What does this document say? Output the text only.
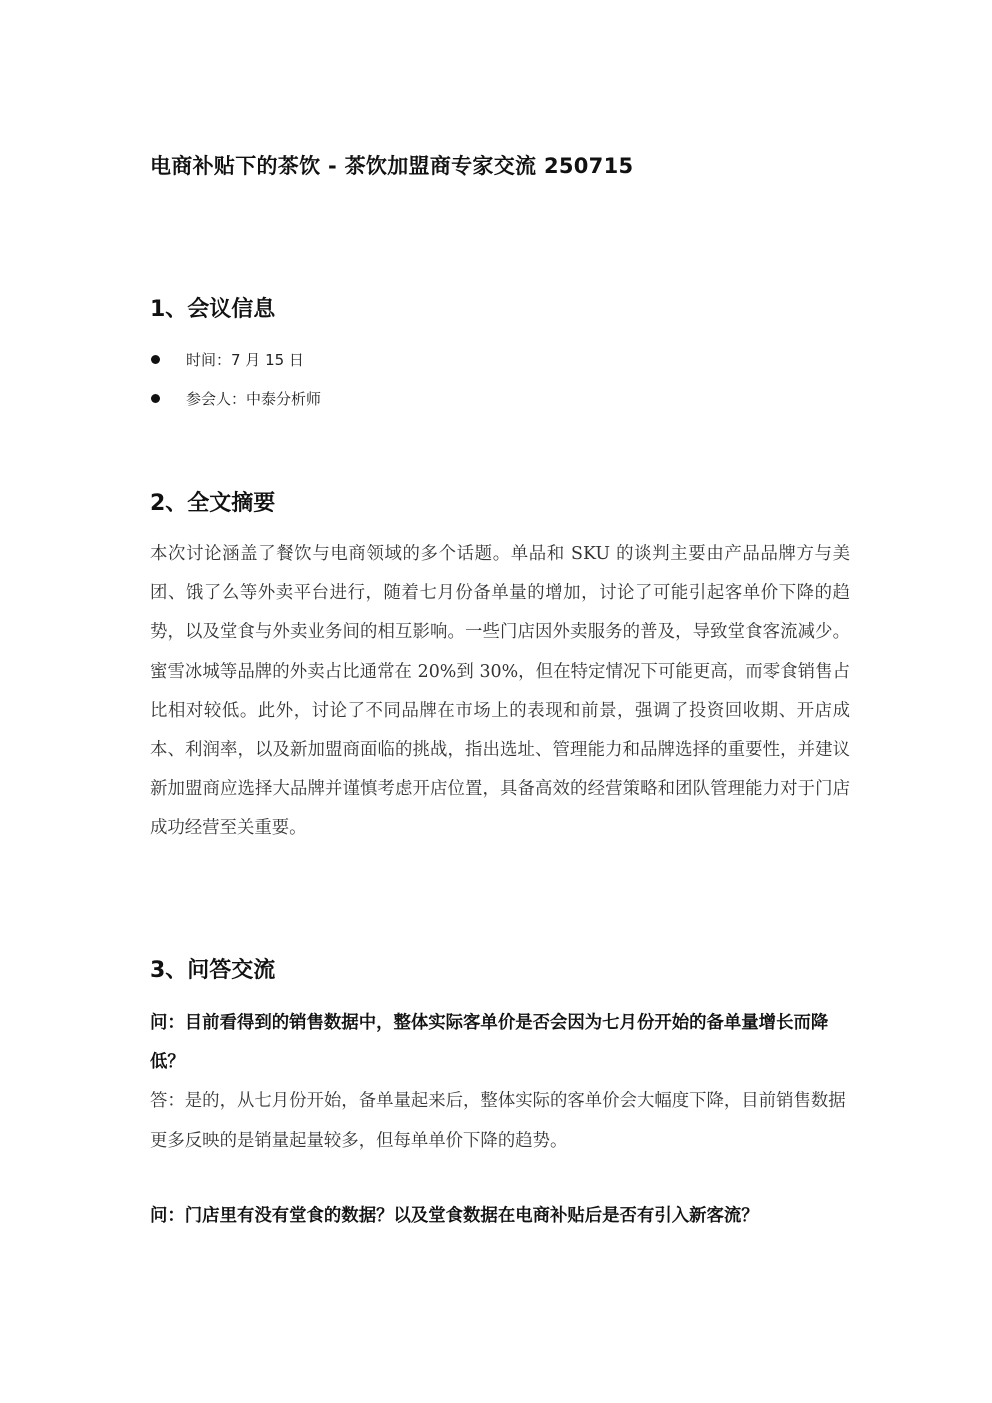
电商补贴下的茶饮 - 茶饮加盟商专家交流 250715
1、会议信息
时间：7 月 15 日
参会人：中泰分析师
2、全文摘要

本次讨论涵盖了餐饮与电商领域的多个话题。单品和 SKU 的谈判主要由产品品牌方与美团、饿了么等外卖平台进行，随着七月份备单量的增加，讨论了可能引起客单价下降的趋势，以及堂食与外卖业务间的相互影响。一些门店因外卖服务的普及，导致堂食客流减少。蜜雪冰城等品牌的外卖占比通常在 20%到 30%，但在特定情况下可能更高，而零食销售占比相对较低。此外，讨论了不同品牌在市场上的表现和前景，强调了投资回收期、开店成本、利润率，以及新加盟商面临的挑战，指出选址、管理能力和品牌选择的重要性，并建议新加盟商应选择大品牌并谨慎考虑开店位置，具备高效的经营策略和团队管理能力对于门店成功经营至关重要。

3、问答交流

问：目前看得到的销售数据中，整体实际客单价是否会因为七月份开始的备单量增长而降低？

答：是的，从七月份开始，备单量起来后，整体实际的客单价会大幅度下降，目前销售数据更多反映的是销量起量较多，但每单单价下降的趋势。

问：门店里有没有堂食的数据？以及堂食数据在电商补贴后是否有引入新客流？
